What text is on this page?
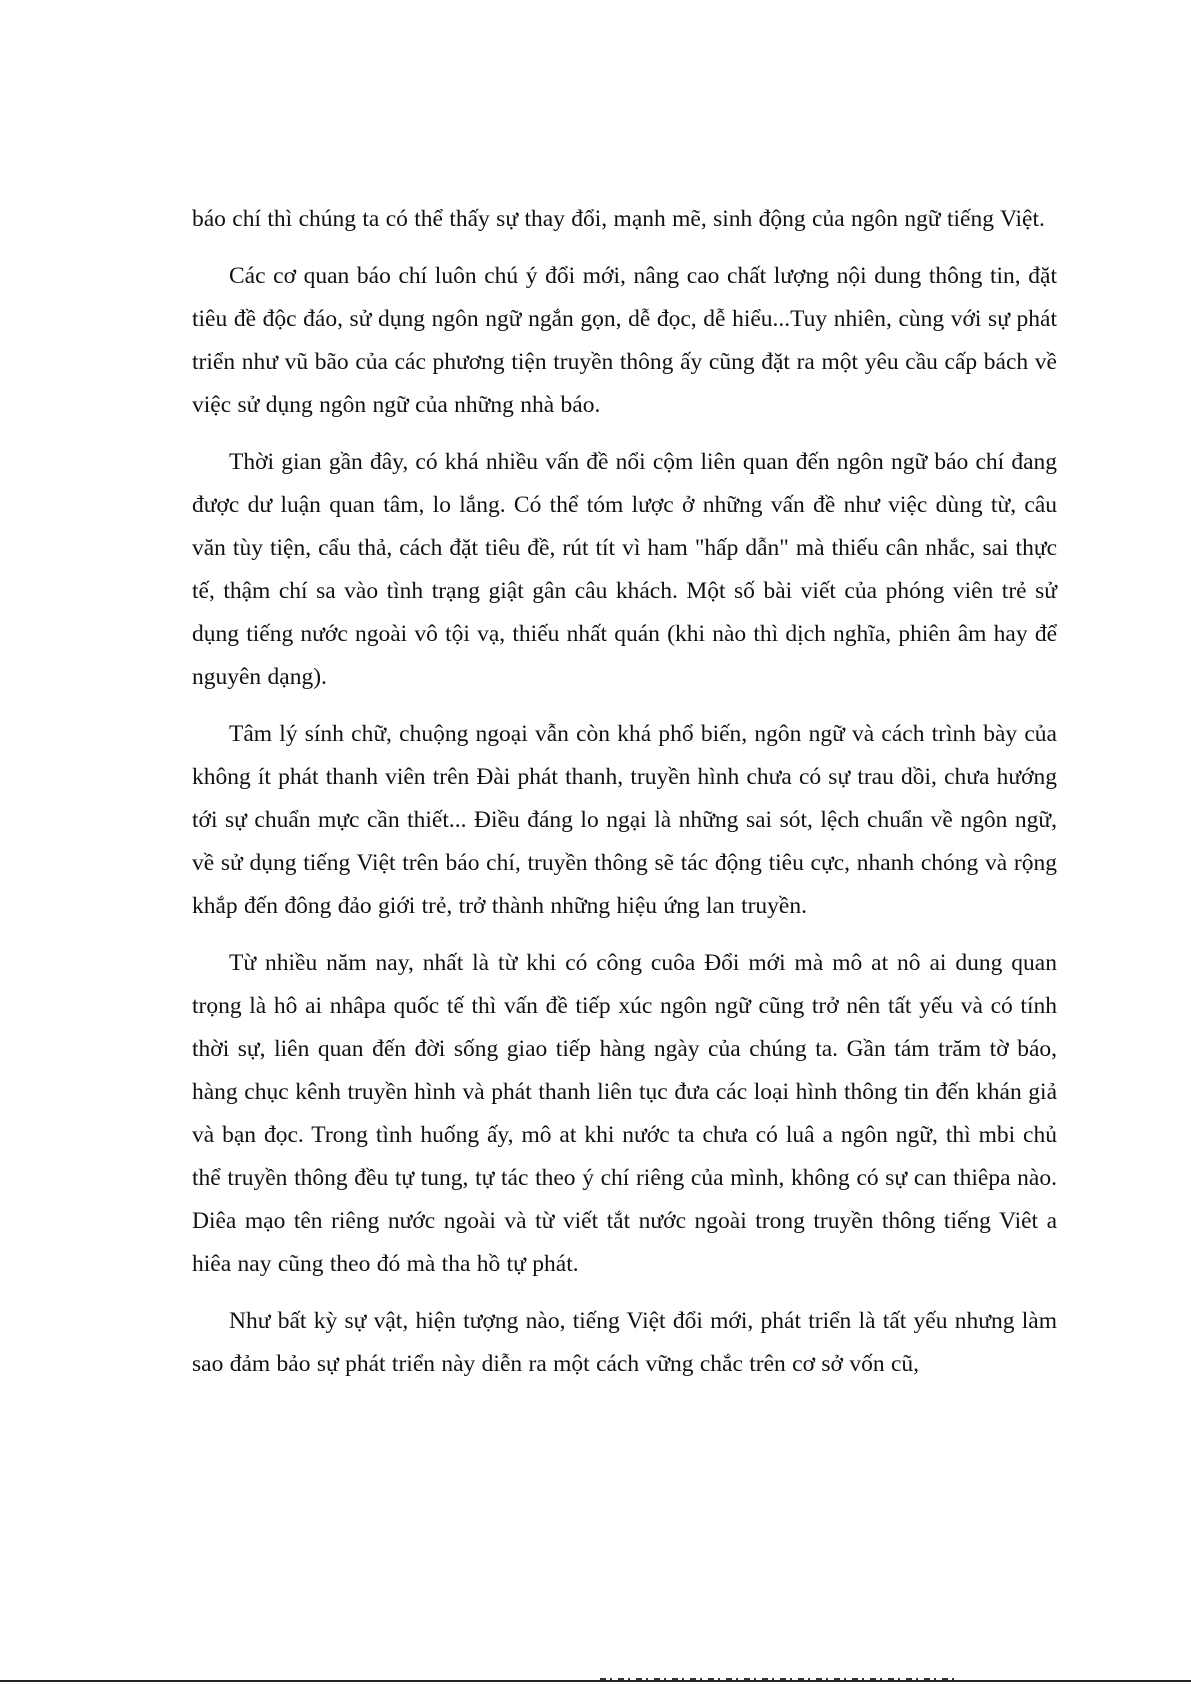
báo chí thì chúng ta có thể thấy sự thay đổi, mạnh mẽ, sinh động của ngôn ngữ tiếng Việt.

Các cơ quan báo chí luôn chú ý đổi mới, nâng cao chất lượng nội dung thông tin, đặt tiêu đề độc đáo, sử dụng ngôn ngữ ngắn gọn, dễ đọc, dễ hiểu...Tuy nhiên, cùng với sự phát triển như vũ bão của các phương tiện truyền thông ấy cũng đặt ra một yêu cầu cấp bách về việc sử dụng ngôn ngữ của những nhà báo.

Thời gian gần đây, có khá nhiều vấn đề nổi cộm liên quan đến ngôn ngữ báo chí đang được dư luận quan tâm, lo lắng. Có thể tóm lược ở những vấn đề như việc dùng từ, câu văn tùy tiện, cẩu thả, cách đặt tiêu đề, rút tít vì ham "hấp dẫn" mà thiếu cân nhắc, sai thực tế, thậm chí sa vào tình trạng giật gân câu khách. Một số bài viết của phóng viên trẻ sử dụng tiếng nước ngoài vô tội vạ, thiếu nhất quán (khi nào thì dịch nghĩa, phiên âm hay để nguyên dạng).

Tâm lý sính chữ, chuộng ngoại vẫn còn khá phổ biến, ngôn ngữ và cách trình bày của không ít phát thanh viên trên Đài phát thanh, truyền hình chưa có sự trau dồi, chưa hướng tới sự chuẩn mực cần thiết... Điều đáng lo ngại là những sai sót, lệch chuẩn về ngôn ngữ, về sử dụng tiếng Việt trên báo chí, truyền thông sẽ tác động tiêu cực, nhanh chóng và rộng khắp đến đông đảo giới trẻ, trở thành những hiệu ứng lan truyền.

Từ nhiều năm nay, nhất là từ khi có công cuôa Đổi mới mà mô at nô ai dung quan trọng là hô ai nhâpa quốc tế thì vấn đề tiếp xúc ngôn ngữ cũng trở nên tất yếu và có tính thời sự, liên quan đến đời sống giao tiếp hàng ngày của chúng ta. Gần tám trăm tờ báo, hàng chục kênh truyền hình và phát thanh liên tục đưa các loại hình thông tin đến khán giả và bạn đọc. Trong tình huống ấy, mô at khi nước ta chưa có luâ a ngôn ngữ, thì mbi chủ thể truyền thông đều tự tung, tự tác theo ý chí riêng của mình, không có sự can thiêpa nào. Diêa mạo tên riêng nước ngoài và từ viết tắt nước ngoài trong truyền thông tiếng Viêt a hiêa nay cũng theo đó mà tha hồ tự phát.

Như bất kỳ sự vật, hiện tượng nào, tiếng Việt đổi mới, phát triển là tất yếu nhưng làm sao đảm bảo sự phát triển này diễn ra một cách vững chắc trên cơ sở vốn cũ,
